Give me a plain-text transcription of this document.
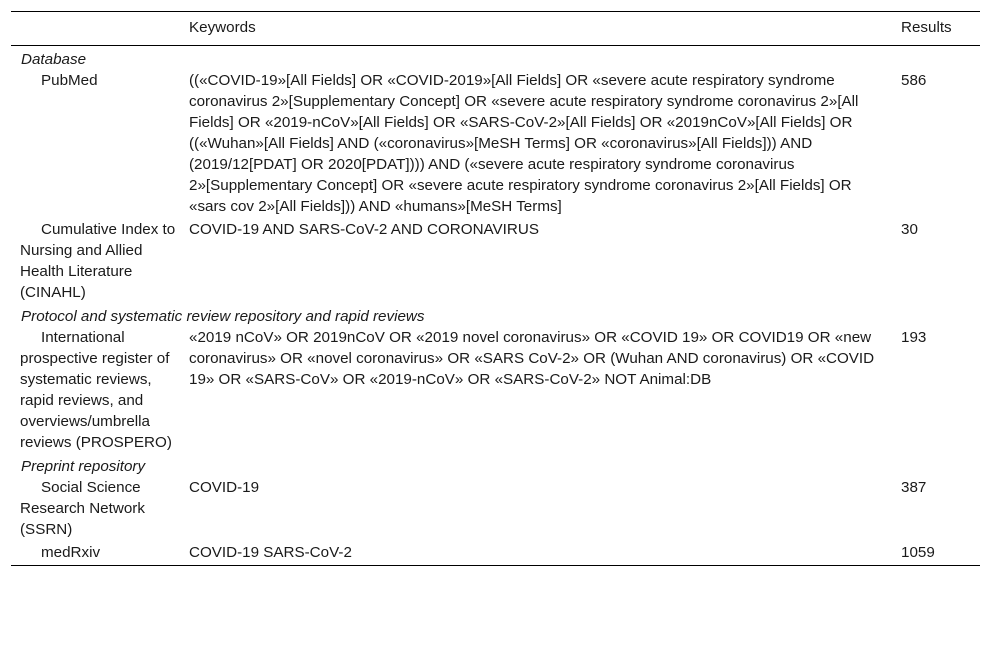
	Keywords	Results
Database		
PubMed	((«COVID-19»[All Fields] OR «COVID-2019»[All Fields] OR «severe acute respiratory syndrome coronavirus 2»[Supplementary Concept] OR «severe acute respiratory syndrome coronavirus 2»[All Fields] OR «2019-nCoV»[All Fields] OR «SARS-CoV-2»[All Fields] OR «2019nCoV»[All Fields] OR ((«Wuhan»[All Fields] AND («coronavirus»[MeSH Terms] OR «coronavirus»[All Fields])) AND (2019/12[PDAT] OR 2020[PDAT]))) AND («severe acute respiratory syndrome coronavirus 2»[Supplementary Concept] OR «severe acute respiratory syndrome coronavirus 2»[All Fields] OR «sars cov 2»[All Fields])) AND «humans»[MeSH Terms]	586
Cumulative Index to Nursing and Allied Health Literature (CINAHL)	COVID-19 AND SARS-CoV-2 AND CORONAVIRUS	30
Protocol and systematic review repository and rapid reviews		
International prospective register of systematic reviews, rapid reviews, and overviews/umbrella reviews (PROSPERO)	«2019 nCoV» OR 2019nCoV OR «2019 novel coronavirus» OR «COVID 19» OR COVID19 OR «new coronavirus» OR «novel coronavirus» OR «SARS CoV-2» OR (Wuhan AND coronavirus) OR «COVID 19» OR «SARS-CoV» OR «2019-nCoV» OR «SARS-CoV-2» NOT Animal:DB	193
Preprint repository		
Social Science Research Network (SSRN)	COVID-19	387
medRxiv	COVID-19 SARS-CoV-2	1059
